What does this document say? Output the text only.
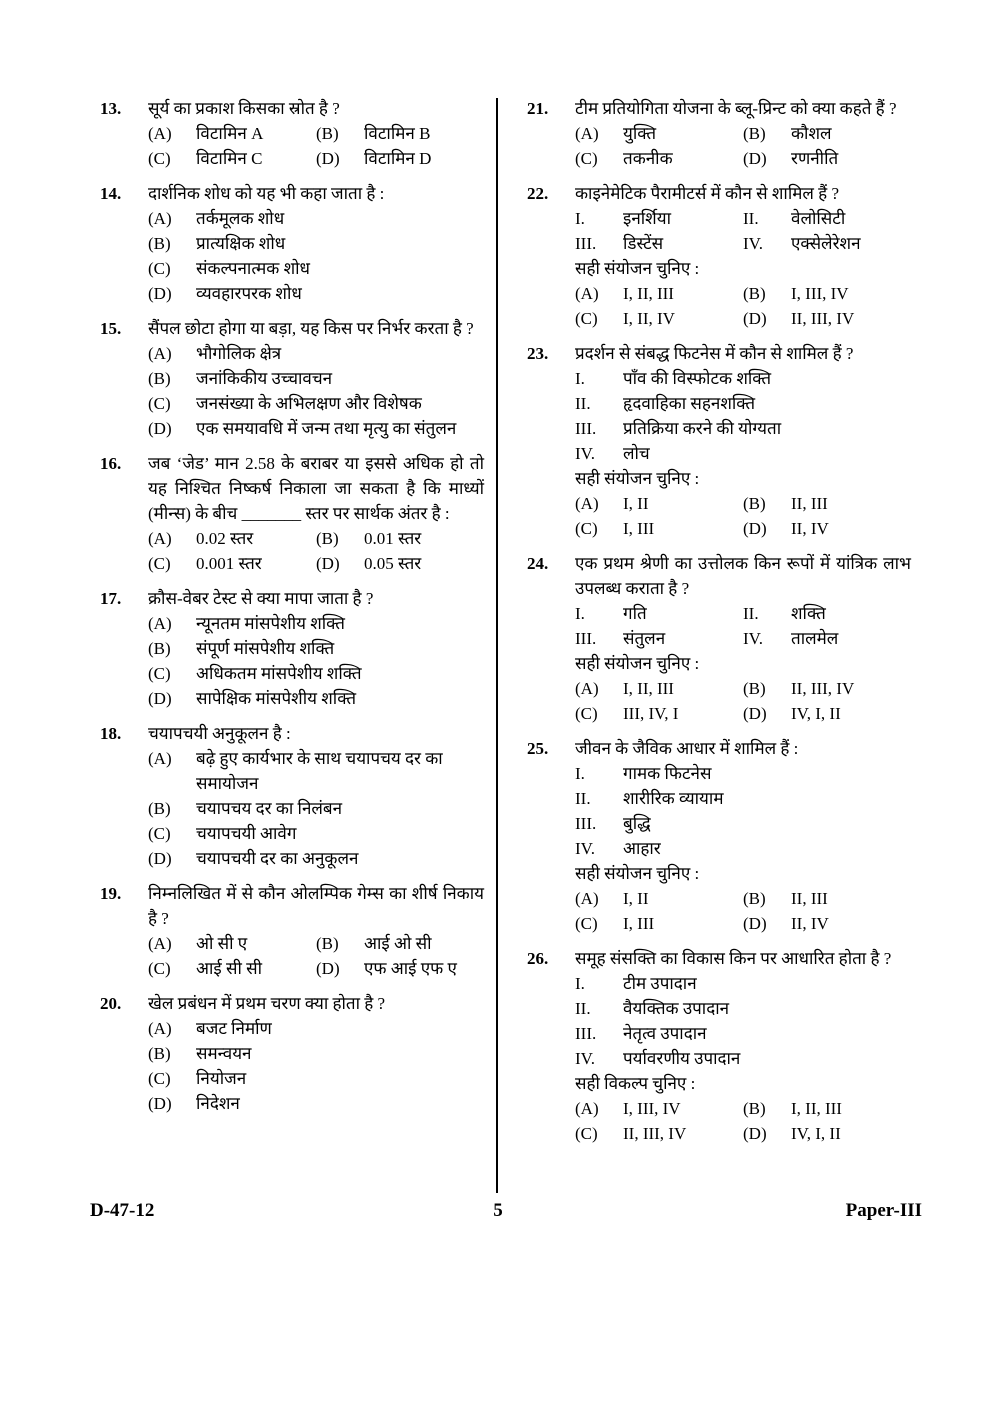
13.	सूर्य का प्रकाश किसका स्रोत है ?
(A)	विटामिन A	(B)	विटामिन B
(C)	विटामिन C	(D)	विटामिन D
14.	दार्शनिक शोध को यह भी कहा जाता है :
(A)	तर्कमूलक शोध
(B)	प्रात्यक्षिक शोध
(C)	संकल्पनात्मक शोध
(D)	व्यवहारपरक शोध
15.	सैंपल छोटा होगा या बड़ा, यह किस पर निर्भर करता है ?
(A)	भौगोलिक क्षेत्र
(B)	जनांकिकीय उच्चावचन
(C)	जनसंख्या के अभिलक्षण और विशेषक
(D)	एक समयावधि में जन्म तथा मृत्यु का संतुलन
16.	जब ‘जेड’ मान 2.58 के बराबर या इससे अधिक हो तो यह निश्चित निष्कर्ष निकाला जा सकता है कि माध्यों (मीन्स) के बीच _______ स्तर पर सार्थक अंतर है :
(A)	0.02 स्तर	(B)	0.01 स्तर
(C)	0.001 स्तर	(D)	0.05 स्तर
17.	क्रौस-वेबर टेस्ट से क्या मापा जाता है ?
(A)	न्यूनतम मांसपेशीय शक्ति
(B)	संपूर्ण मांसपेशीय शक्ति
(C)	अधिकतम मांसपेशीय शक्ति
(D)	सापेक्षिक मांसपेशीय शक्ति
18.	चयापचयी अनुकूलन है :
(A)	बढ़े हुए कार्यभार के साथ चयापचय दर का समायोजन
(B)	चयापचय दर का निलंबन
(C)	चयापचयी आवेग
(D)	चयापचयी दर का अनुकूलन
19.	निम्नलिखित में से कौन ओलम्पिक गेम्स का शीर्ष निकाय है ?
(A)	ओ सी ए	(B)	आई ओ सी
(C)	आई सी सी	(D)	एफ आई एफ ए
20.	खेल प्रबंधन में प्रथम चरण क्या होता है ?
(A)	बजट निर्माण
(B)	समन्वयन
(C)	नियोजन
(D)	निदेशन
21.	टीम प्रतियोगिता योजना के ब्लू-प्रिन्ट को क्या कहते हैं ?
(A)	युक्ति	(B)	कौशल
(C)	तकनीक	(D)	रणनीति
22.	काइनेमेटिक पैरामीटर्स में कौन से शामिल हैं ?
I.	इनर्शिया	II.	वेलोसिटी
III.	डिस्टेंस	IV.	एक्सेलेरेशन
सही संयोजन चुनिए :
(A)	I, II, III	(B)	I, III, IV
(C)	I, II, IV	(D)	II, III, IV
23.	प्रदर्शन से संबद्ध फिटनेस में कौन से शामिल हैं ?
I.	पाँव की विस्फोटक शक्ति
II.	हृदवाहिका सहनशक्ति
III.	प्रतिक्रिया करने की योग्यता
IV.	लोच
सही संयोजन चुनिए :
(A)	I, II	(B)	II, III
(C)	I, III	(D)	II, IV
24.	एक प्रथम श्रेणी का उत्तोलक किन रूपों में यांत्रिक लाभ उपलब्ध कराता है ?
I.	गति	II.	शक्ति
III.	संतुलन	IV.	तालमेल
सही संयोजन चुनिए :
(A)	I, II, III	(B)	II, III, IV
(C)	III, IV, I	(D)	IV, I, II
25.	जीवन के जैविक आधार में शामिल हैं :
I.	गामक फिटनेस
II.	शारीरिक व्यायाम
III.	बुद्धि
IV.	आहार
सही संयोजन चुनिए :
(A)	I, II	(B)	II, III
(C)	I, III	(D)	II, IV
26.	समूह संसक्ति का विकास किन पर आधारित होता है ?
I.	टीम उपादान
II.	वैयक्तिक उपादान
III.	नेतृत्व उपादान
IV.	पर्यावरणीय उपादान
सही विकल्प चुनिए :
(A)	I, III, IV	(B)	I, II, III
(C)	II, III, IV	(D)	IV, I, II
D-47-12	5	Paper-III
